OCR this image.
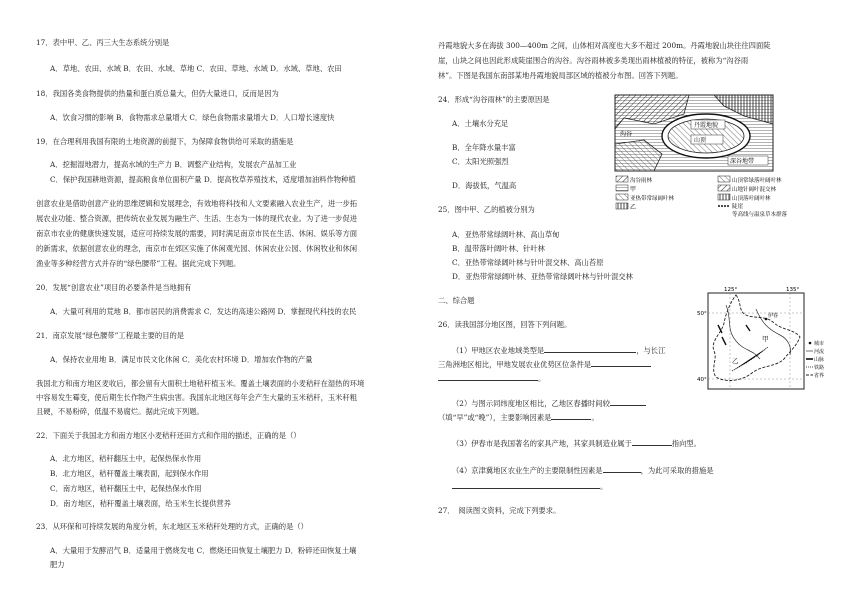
17．表中甲、乙、丙三大生态系统分别是
A．草地、农田、水域 B．农田、水域、草地 C．农田、草地、水域 D．水域、草地、农田
18．我国各类食物提供的热量和蛋白质总量大，但仍大量进口，反而是因为
A．饮食习惯的影响 B．食物需求总量增大 C．绿色食物需求量增大 D．人口增长速度快
19．在合理利用我国有限的土地资源的前提下，为保障食物供给可采取的措施是
A．挖掘湿地潜力，提高水域的生产力 B．调整产业结构，发展农产品加工业
C．保护我国耕地资源，提高粮食单位面积产量 D．提高牧草养殖技术，适度增加油料作物种植
创意农业是借助创意产业的思维逻辑和发展理念，有效地将科技和人文要素融入农业生产，进一步拓
展农业功能、整合资源，把传统农业发展为融生产、生活、生态为一体的现代农业。为了进一步促进
南京市农业的健康快速发展，适应可持续发展的需要，同时满足南京市民在生活、休闲、娱乐等方面
的新需求，依据创意农业的理念，南京市在郊区实施了休闲观光园、休闲农业公园、休闲牧业和休闲
渔业等多种经营方式并存的“绿色腰带”工程。据此完成下列题。
20．发展“创意农业”项目的必要条件是当地拥有
A．大量可利用的荒地 B．都市居民的消费需求 C．发达的高速公路网 D．掌握现代科技的农民
21．南京发展“绿色腰带”工程最主要的目的是
A．保持农业用地 B．满足市民文化休闲 C．美化农村环境 D．增加农作物的产量
我国北方和南方地区麦收后，都会留有大面积土地秸秆植玉米。覆盖土壤表面的小麦秸秆在湿热的环境
中容易发生霉变，使后期生长作物产生病虫害。我国东北地区每年会产生大量的玉米秸秆，玉米秆粗
且硬，不易粉碎，低温不易腐烂。据此完成下列题。
22．下面关于我国北方和南方地区小麦秸秆还田方式和作用的描述，正确的是（）
A．北方地区，秸秆翻压土中，起保热保水作用
B．北方地区，秸秆覆盖土壤表面，起到保水作用
C．南方地区，秸秆翻压土中，起保热保水作用
D．南方地区，秸秆覆盖土壤表面，给玉米生长提供营养
23．从环保和可持续发展的角度分析，东北地区玉米秸秆处理的方式，正确的是（）
A．大量用于发酵沼气 B．适量用于燃烧发电 C．燃烧还田恢复土壤肥力 D．粉碎还田恢复土壤
肥力
丹霞地貌大多在海拔 300—400m 之间，山体相对高度也大多不超过 200m。丹霞地貌山块往往四面陡
崖，山块之间也因此形成陡崖围合的沟谷。沟谷雨林被多类现出雨林植被的特征，被称为“沟谷雨
林”。下图是我国东南部某地丹霞地貌局部区域的植被分布图。回答下列题。
24．形成“沟谷雨林”的主要原因是
A．土壤水分充足
B．全年降水量丰富
C．太阳光照强烈
D．海拔低，气温高
丹霞地貌
山顶
深谷地带
沟谷
沟谷雨林
甲
亚热带常绿阔叶林
乙
山顶常绿落叶阔叶林
山地针阔叶混交林
山顶落叶阔叶林
陡崖
等高线与温泉草本群落
25．图中甲、乙的植被分别为
A．亚热带常绿阔叶林、高山草甸
B．温带落叶阔叶林、针叶林
C．亚热带常绿阔叶林与针叶混交林、高山苔原
D．亚热带常绿阔叶林、亚热带常绿阔叶林与针叶混交林
二、综合题
26．读我国部分地区图，回答下列问题。
（1）甲地区农业地域类型是	，与长江
三角洲地区相比，甲地发展农业优势区位条件是
。
（2）与图示同纬度地区相比，乙地区春播时间较
（填“早”或“晚”），主要影响因素是	。
（3）伊春市是我国著名的家具产地，其家具制造业属于	指向型。
（4）京津冀地区农业生产的主要限制性因素是	，为此可采取的措施是
。
27．　阅读图文资料，完成下列要求。
125°	135°
50°
40°
甲
乙
伊春
城市
河流
山脉
铁路
省界
